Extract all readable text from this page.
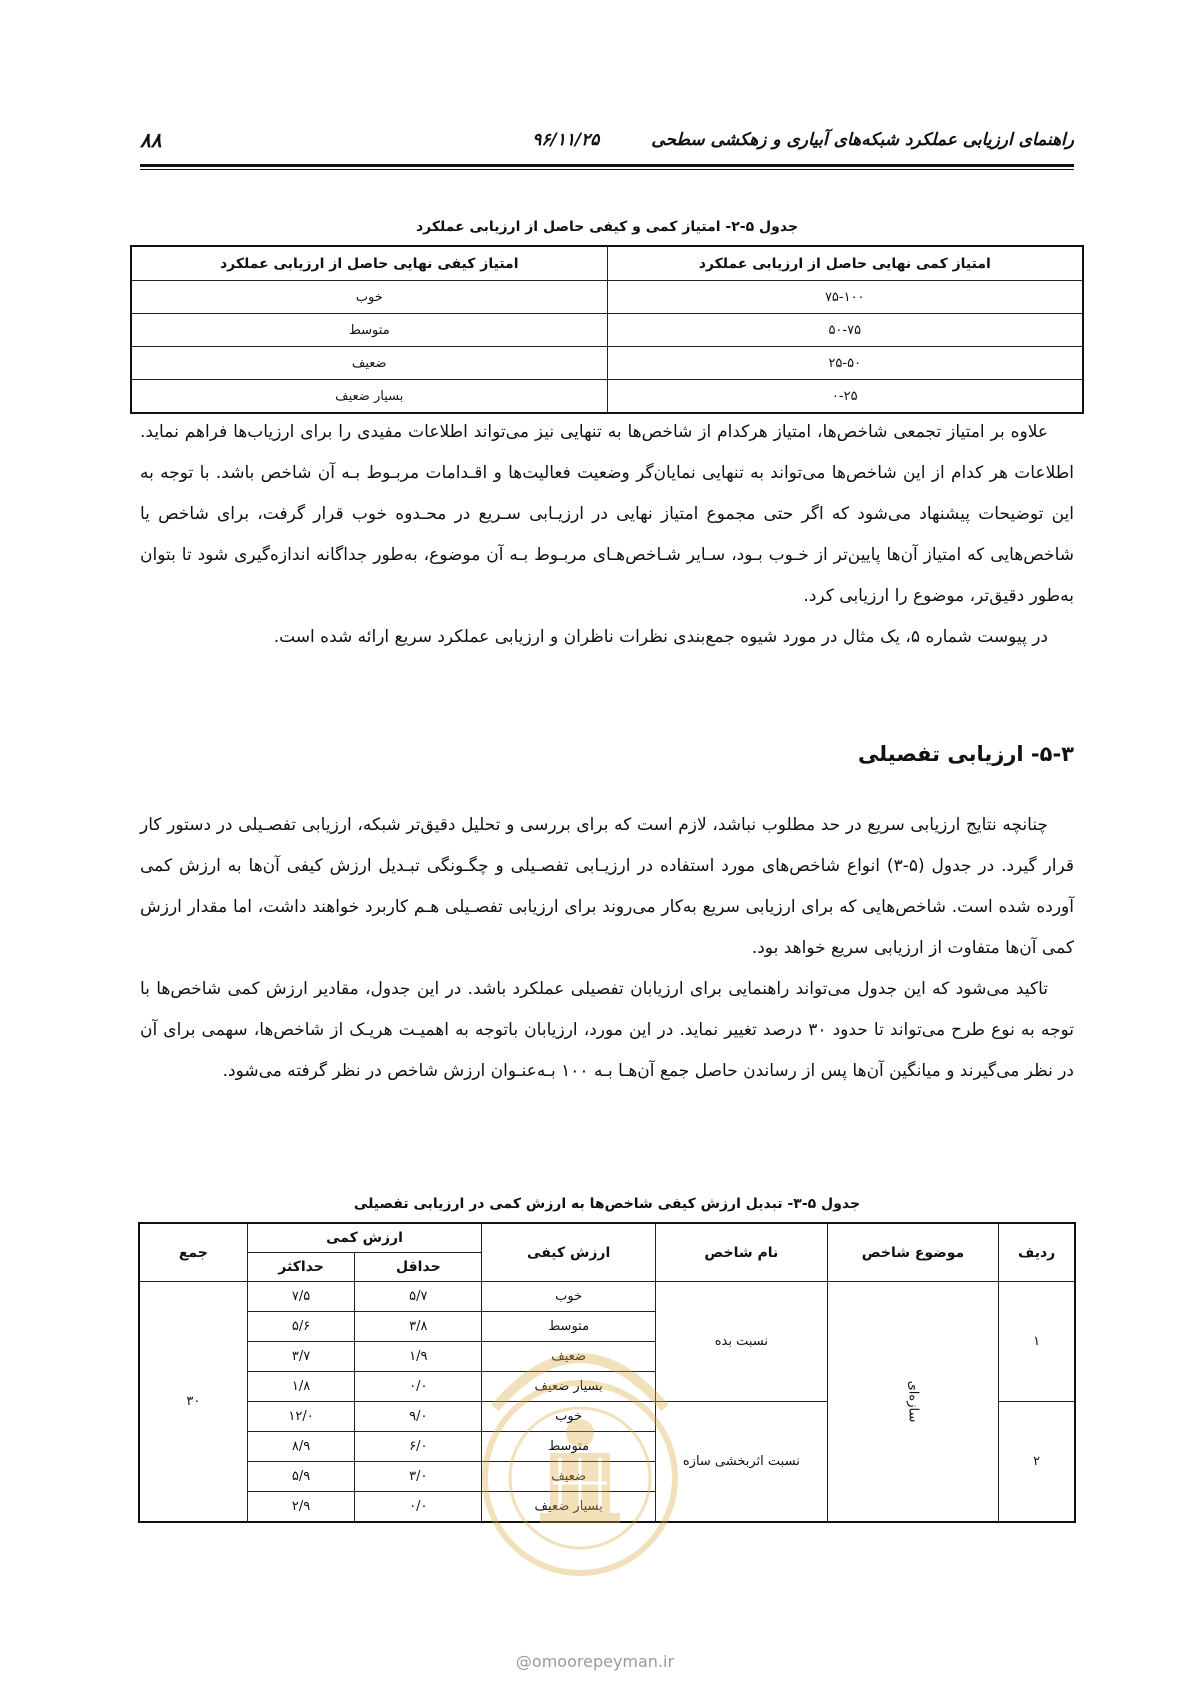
۸۸	راهنمای ارزیابی عملکرد شبکه‌های آبیاری و زهکشی سطحی  ۹۶/۱۱/۲۵
جدول ۵-۲- امتیاز کمی و کیفی حاصل از ارزیابی عملکرد
امتیاز کمی نهایی حاصل از ارزیابی عملکرد	امتیاز کیفی نهایی حاصل از ارزیابی عملکرد
۷۵-۱۰۰	خوب
۵۰-۷۵	متوسط
۲۵-۵۰	ضعیف
۰-۲۵	بسیار ضعیف

علاوه بر امتیاز تجمعی شاخص‌ها، امتیاز هرکدام از شاخص‌ها به تنهایی نیز می‌تواند اطلاعات مفیدی را برای ارزیاب‌ها فراهم نماید. اطلاعات هر کدام از این شاخص‌ها می‌تواند به تنهایی نمایان‌گر وضعیت فعالیت‌ها و اقـدامات مربـوط بـه آن شاخص باشد. با توجه به این توضیحات پیشنهاد می‌شود که اگر حتی مجموع امتیاز نهایی در ارزیـابی سـریع در محـدوه خوب قرار گرفت، برای شاخص یا شاخص‌هایی که امتیاز آن‌ها پایین‌تر از خـوب بـود، سـایر شـاخص‌هـای مربـوط بـه آن موضوع، به‌طور جداگانه اندازه‌گیری شود تا بتوان به‌طور دقیق‌تر، موضوع را ارزیابی کرد.

در پیوست شماره ۵، یک مثال در مورد شیوه جمع‌بندی نظرات ناظران و ارزیابی عملکرد سریع ارائه شده است.

۵-۳- ارزیابی تفصیلی

چنانچه نتایج ارزیابی سریع در حد مطلوب نباشد، لازم است که برای بررسی و تحلیل دقیق‌تر شبکه، ارزیابی تفصـیلی در دستور کار قرار گیرد. در جدول (۵-۳) انواع شاخص‌های مورد استفاده در ارزیـابی تفصـیلی و چگـونگی تبـدیل ارزش کیفی آن‌ها به ارزش کمی آورده شده است. شاخص‌هایی که برای ارزیابی سریع به‌کار می‌روند برای ارزیابی تفصـیلی هـم کاربرد خواهند داشت، اما مقدار ارزش کمی آن‌ها متفاوت از ارزیابی سریع خواهد بود.

تاکید می‌شود که این جدول می‌تواند راهنمایی برای ارزیابان تفصیلی عملکرد باشد. در این جدول، مقادیر ارزش کمی شاخص‌ها با توجه به نوع طرح می‌تواند تا حدود ۳۰ درصد تغییر نماید. در این مورد، ارزیابان باتوجه به اهمیـت هریـک از شاخص‌ها، سهمی برای آن در نظر می‌گیرند و میانگین آن‌ها پس از رساندن حاصل جمع آن‌هـا بـه ۱۰۰ بـه‌عنـوان ارزش شاخص در نظر گرفته می‌شود.

جدول ۵-۳- تبدیل ارزش کیفی شاخص‌ها به ارزش کمی در ارزیابی تفصیلی
ردیف	موضوع شاخص	نام شاخص	ارزش کیفی	ارزش کمی		جمع
				حداقل	حداکثر	
۱	سازه‌ای	نسبت بده	خوب	۵/۷	۷/۵	۳۰
			متوسط	۳/۸	۵/۶	
			ضعیف	۱/۹	۳/۷	
			بسیار ضعیف	۰/۰	۱/۸	
۲		نسبت اثربخشی سازه	خوب	۹/۰	۱۲/۰	
			متوسط	۶/۰	۸/۹	
			ضعیف	۳/۰	۵/۹	
			بسیار ضعیف	۰/۰	۲/۹	
@omoorepeyman.ir
